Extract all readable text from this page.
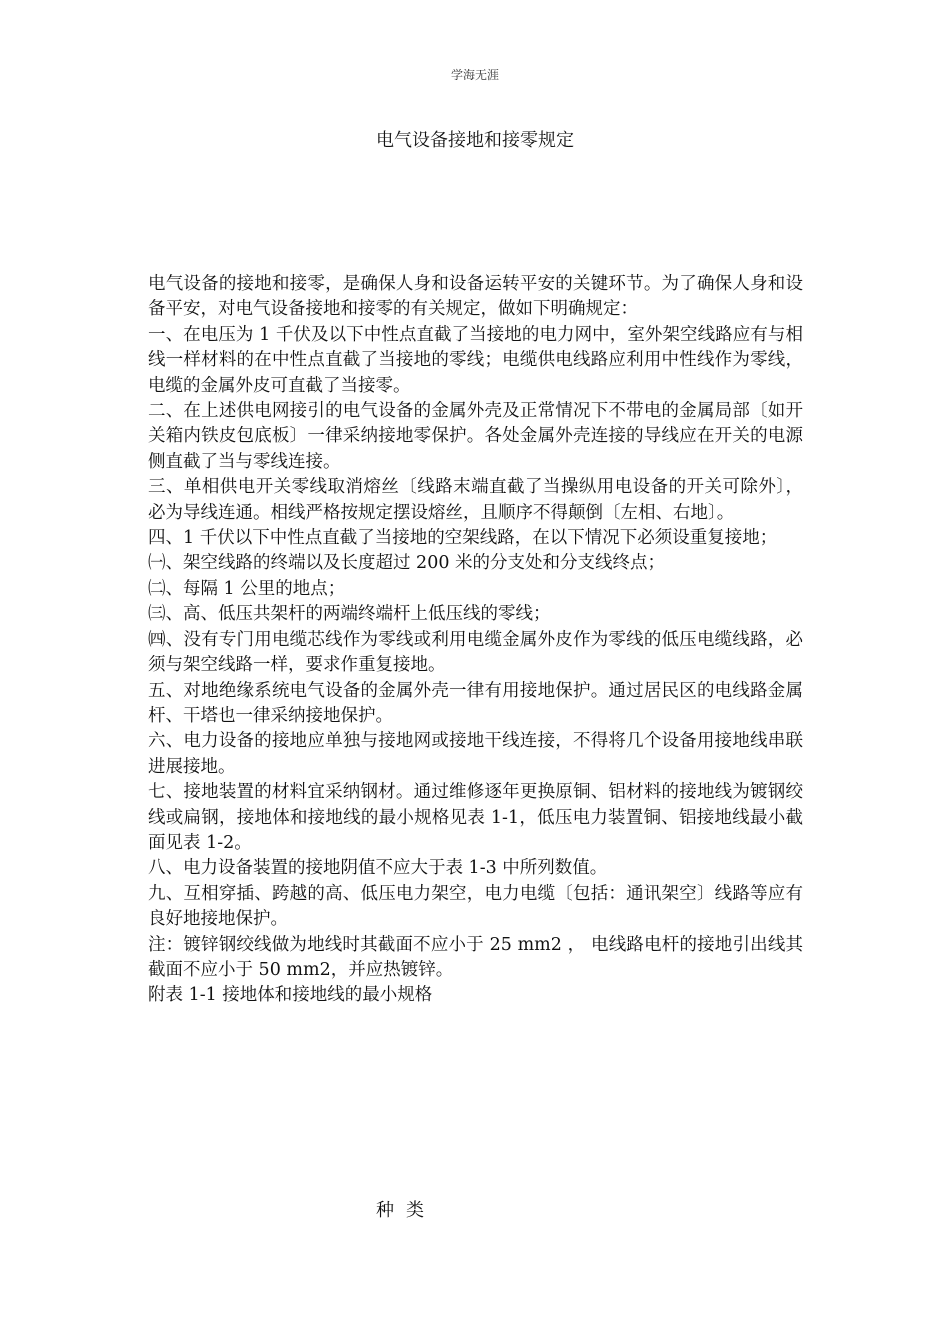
学海无涯
电气设备接地和接零规定

电气设备的接地和接零，是确保人身和设备运转平安的关键环节。为了确保人身和设备平安，对电气设备接地和接零的有关规定，做如下明确规定：

一、在电压为 1 千伏及以下中性点直截了当接地的电力网中，室外架空线路应有与相线一样材料的在中性点直截了当接地的零线；电缆供电线路应利用中性线作为零线，电缆的金属外皮可直截了当接零。

二、在上述供电网接引的电气设备的金属外壳及正常情况下不带电的金属局部〔如开关箱内铁皮包底板〕一律采纳接地零保护。各处金属外壳连接的导线应在开关的电源侧直截了当与零线连接。

三、单相供电开关零线取消熔丝〔线路末端直截了当操纵用电设备的开关可除外〕，必为导线连通。相线严格按规定摆设熔丝，且顺序不得颠倒〔左相、右地〕。

四、1 千伏以下中性点直截了当接地的空架线路，在以下情况下必须设重复接地；

㈠、架空线路的终端以及长度超过 200 米的分支处和分支线终点；

㈡、每隔 1 公里的地点；

㈢、高、低压共架杆的两端终端杆上低压线的零线；

㈣、没有专门用电缆芯线作为零线或利用电缆金属外皮作为零线的低压电缆线路，必须与架空线路一样，要求作重复接地。

五、对地绝缘系统电气设备的金属外壳一律有用接地保护。通过居民区的电线路金属杆、干塔也一律采纳接地保护。

六、电力设备的接地应单独与接地网或接地干线连接，不得将几个设备用接地线串联进展接地。

七、接地装置的材料宜采纳钢材。通过维修逐年更换原铜、铝材料的接地线为镀钢绞线或扁钢，接地体和接地线的最小规格见表 1-1，低压电力装置铜、铝接地线最小截面见表 1-2。

八、电力设备装置的接地阴值不应大于表 1-3 中所列数值。

九、互相穿插、跨越的高、低压电力架空，电力电缆〔包括：通讯架空〕线路等应有良好地接地保护。

注：镀锌钢绞线做为地线时其截面不应小于 25 mm2 ， 电线路电杆的接地引出线其截面不应小于 50 mm2，并应热镀锌。

附表 1-1 接地体和接地线的最小规格

种类
